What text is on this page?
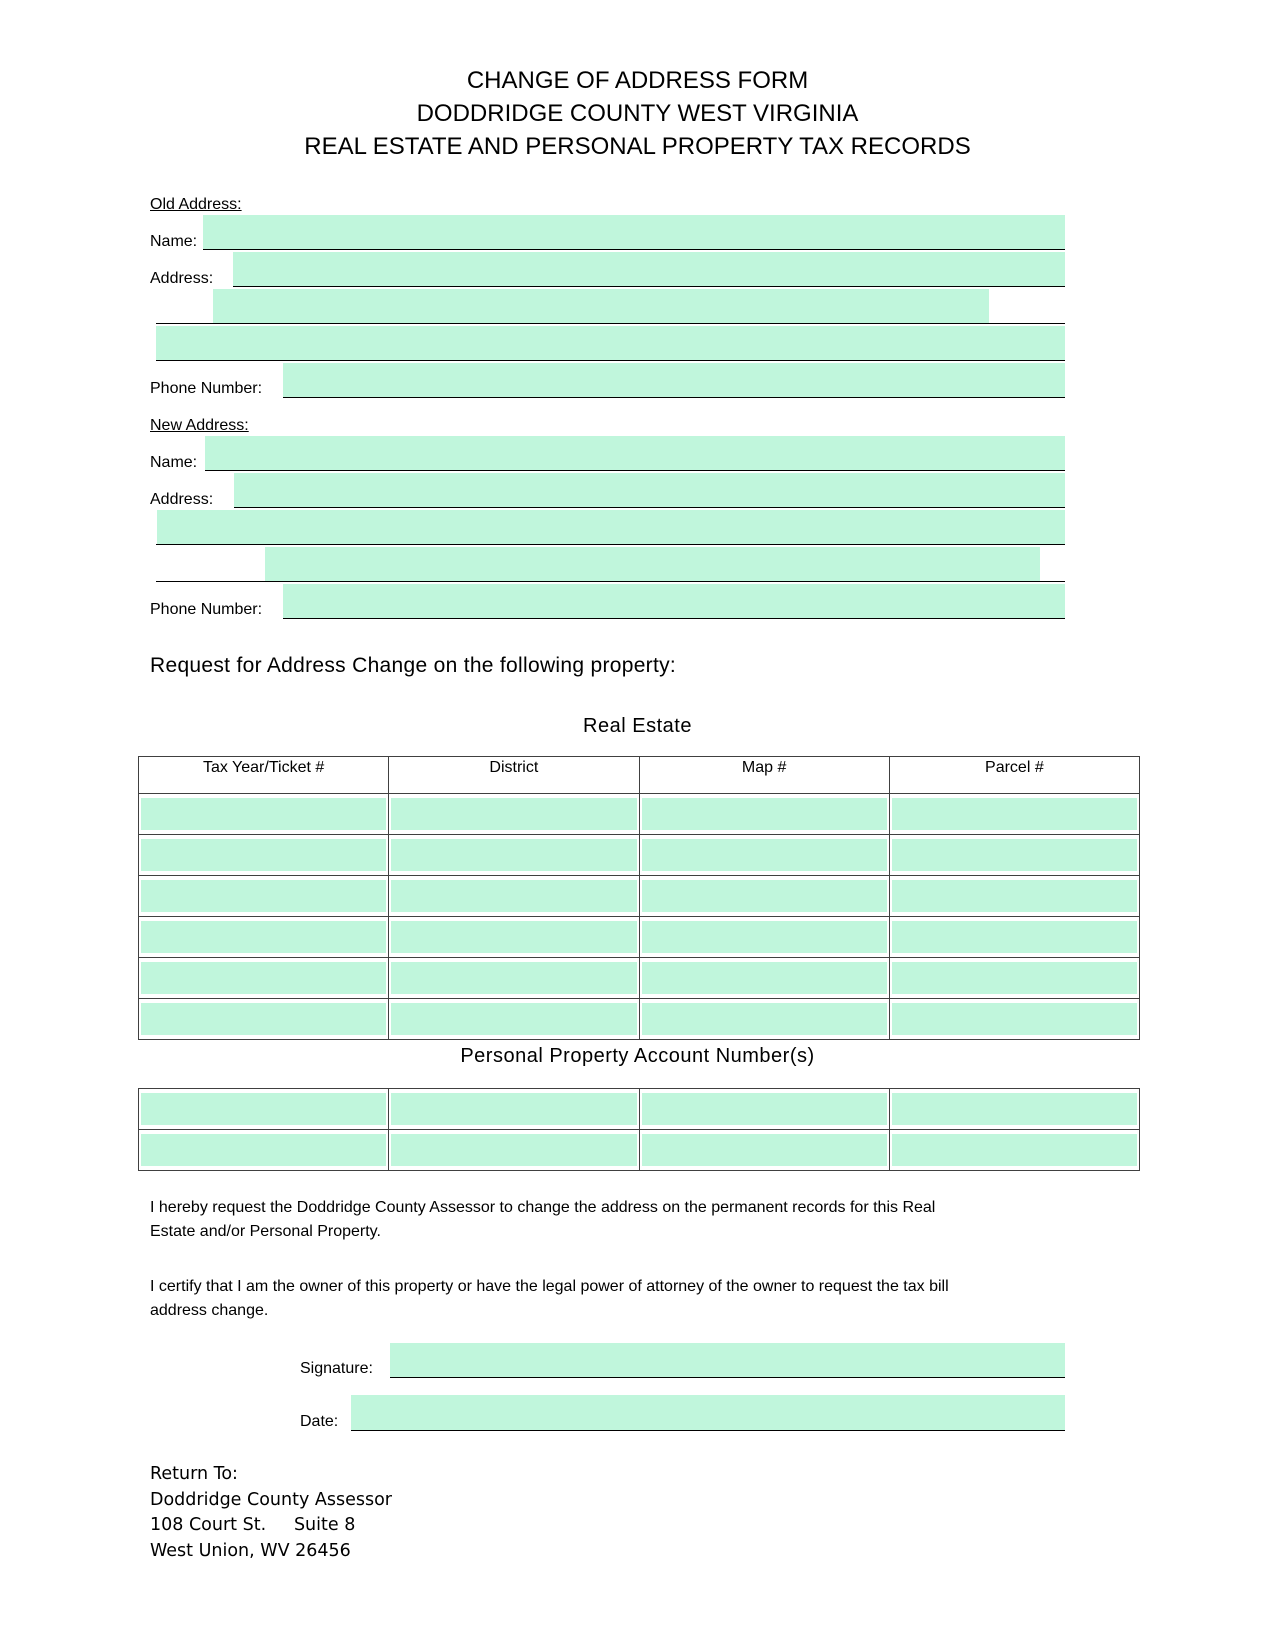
CHANGE OF ADDRESS FORM
DODDRIDGE COUNTY WEST VIRGINIA
REAL ESTATE AND PERSONAL PROPERTY TAX RECORDS
Old Address:
Name:
Address:
Phone Number:
New Address:
Name:
Address:
Phone Number:
Request for Address Change on the following property:
Real Estate
Tax Year/Ticket #	District	Map #	Parcel #

Personal Property Account Number(s)

I hereby request the Doddridge County Assessor to change the address on the permanent records for this Real
Estate and/or Personal Property.
I certify that I am the owner of this property or have the legal power of attorney of the owner to request the tax bill
address change.
Signature:
Date:
Return To:
Doddridge County Assessor
108 Court St.     Suite 8
West Union, WV 26456
